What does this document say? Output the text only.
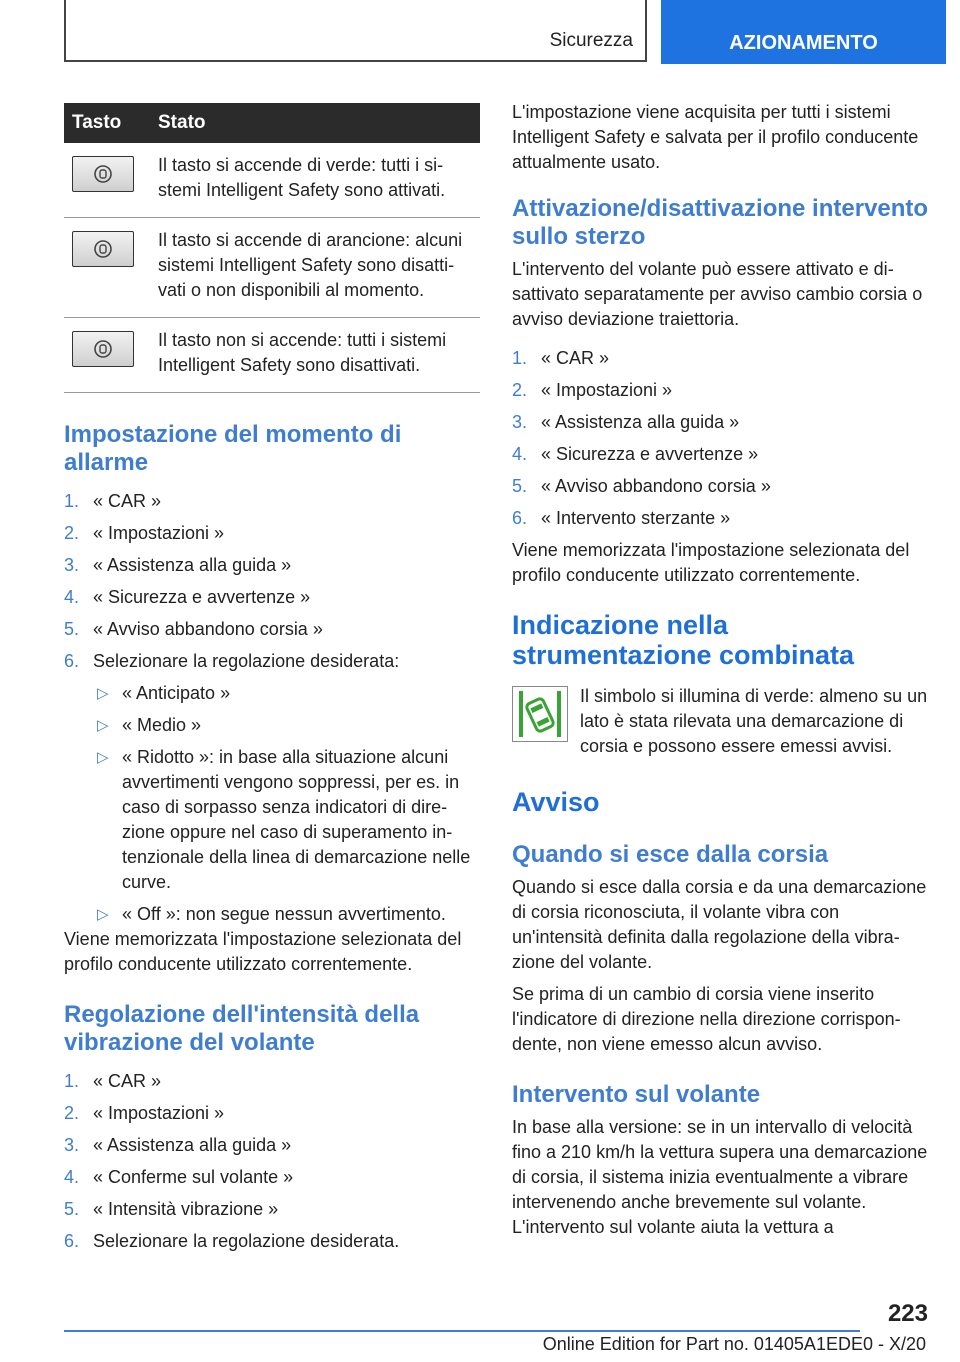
Sicurezza	AZIONAMENTO
Tasto	Stato

	Il tasto si accende di verde: tutti i sistemi Intelligent Safety sono attivati.

	Il tasto si accende di arancione: alcuni sistemi Intelligent Safety sono disattivati o non disponibili al momento.

	Il tasto non si accende: tutti i sistemi Intelligent Safety sono disattivati.
Impostazione del momento di allarme
1. « CAR »
2. « Impostazioni »
3. « Assistenza alla guida »
4. « Sicurezza e avvertenze »
5. « Avviso abbandono corsia »
6. Selezionare la regolazione desiderata:
▷ « Anticipato »
▷ « Medio »
▷ « Ridotto »: in base alla situazione alcuni avvertimenti vengono soppressi, per es. in caso di sorpasso senza indicatori di direzione oppure nel caso di superamento intenzionale della linea di demarcazione nelle curve.
▷ « Off »: non segue nessun avvertimento.

Viene memorizzata l'impostazione selezionata del profilo conducente utilizzato correntemente.

Regolazione dell'intensità della vibrazione del volante
1. « CAR »
2. « Impostazioni »
3. « Assistenza alla guida »
4. « Conferme sul volante »
5. « Intensità vibrazione »
6. Selezionare la regolazione desiderata.

L'impostazione viene acquisita per tutti i sistemi Intelligent Safety e salvata per il profilo conducente attualmente usato.

Attivazione/disattivazione intervento sullo sterzo

L'intervento del volante può essere attivato e disattivato separatamente per avviso cambio corsia o avviso deviazione traiettoria.

1. « CAR »
2. « Impostazioni »
3. « Assistenza alla guida »
4. « Sicurezza e avvertenze »
5. « Avviso abbandono corsia »
6. « Intervento sterzante »

Viene memorizzata l'impostazione selezionata del profilo conducente utilizzato correntemente.

Indicazione nella strumentazione combinata

Il simbolo si illumina di verde: almeno su un lato è stata rilevata una demarcazione di corsia e possono essere emessi avvisi.

Avviso
Quando si esce dalla corsia

Quando si esce dalla corsia e da una demarcazione di corsia riconosciuta, il volante vibra con un'intensità definita dalla regolazione della vibrazione del volante.

Se prima di un cambio di corsia viene inserito l'indicatore di direzione nella direzione corrispondente, non viene emesso alcun avviso.

Intervento sul volante

In base alla versione: se in un intervallo di velocità fino a 210 km/h la vettura supera una demarcazione di corsia, il sistema inizia eventualmente a vibrare intervenendo anche brevemente sul volante. L'intervento sul volante aiuta la vettura a

223
Online Edition for Part no. 01405A1EDE0 - X/20
